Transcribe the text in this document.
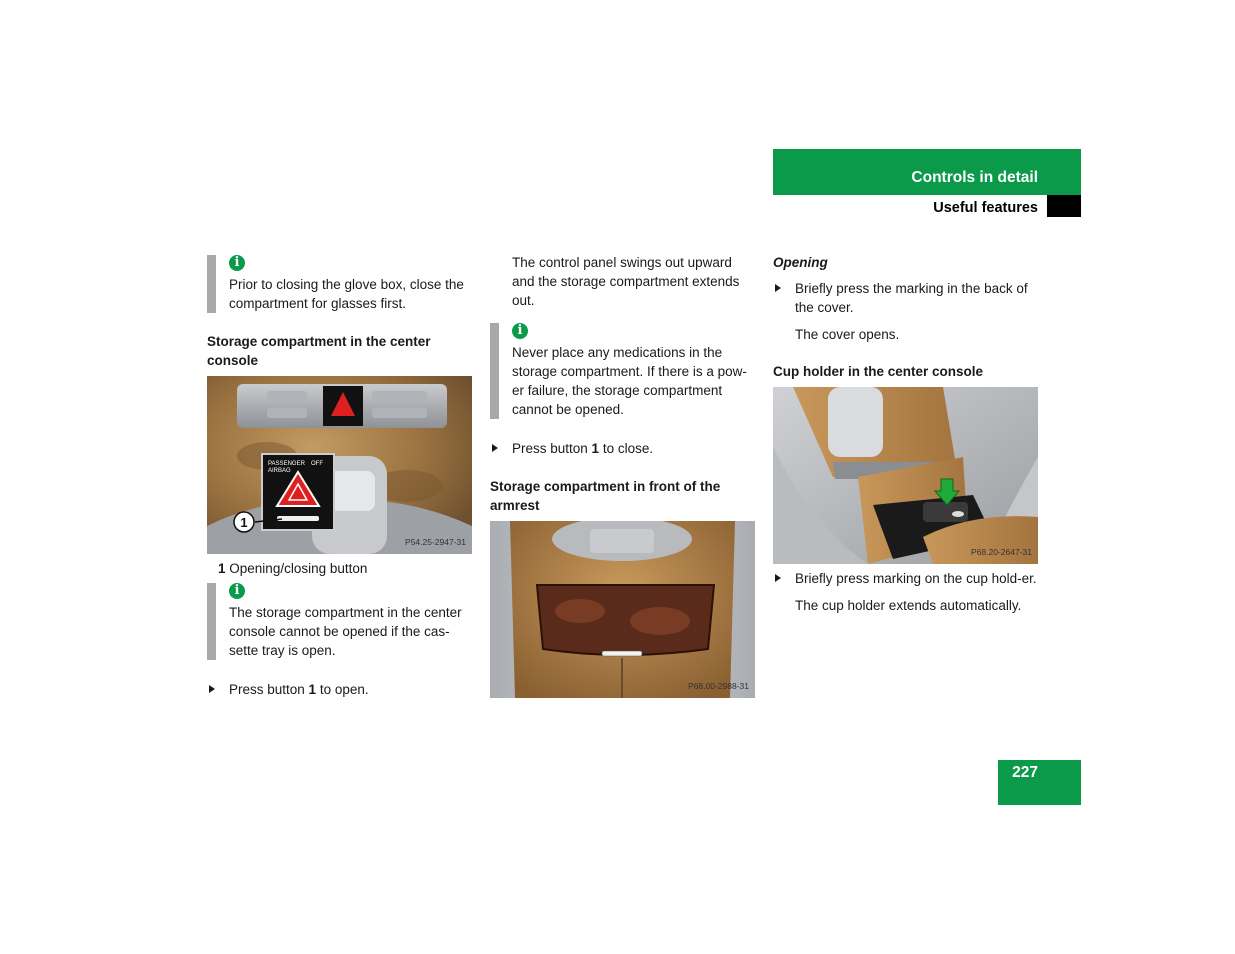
Controls in detail
Useful features
i

Prior to closing the glove box, close the compartment for glasses first.

Storage compartment in the center console

PASSENGER
AIRBAG
OFF
1
P54.25-2947-31

1 Opening/closing button

i

The storage compartment in the center console cannot be opened if the cas-sette tray is open.

Press button 1 to open.

The control panel swings out upward and the storage compartment extends out.

i

Never place any medications in the storage compartment. If there is a pow-er failure, the storage compartment cannot be opened.

Press button 1 to close.

Storage compartment in front of the armrest

P68.00-2988-31

Opening

Briefly press the marking in the back of the cover.

The cover opens.

Cup holder in the center console

P68.20-2647-31

Briefly press marking on the cup hold-er.

The cup holder extends automatically.

227
